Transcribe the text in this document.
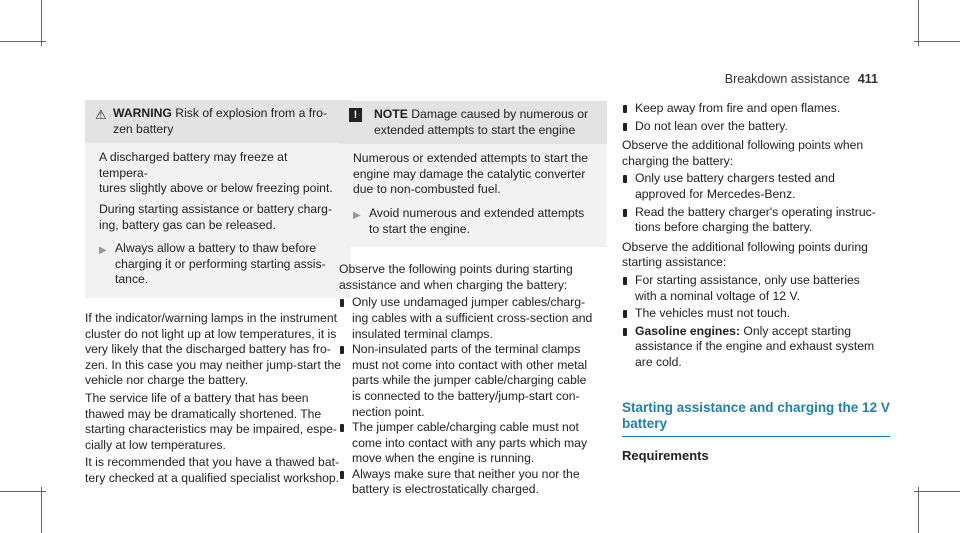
Breakdown assistance 411
⚠ WARNING Risk of explosion from a fro-
zen battery

A discharged battery may freeze at tempera-
tures slightly above or below freezing point.

During starting assistance or battery charg-
ing, battery gas can be released.

▶ Always allow a battery to thaw before
charging it or performing starting assis-
tance.

If the indicator/warning lamps in the instrument
cluster do not light up at low temperatures, it is
very likely that the discharged battery has fro-
zen. In this case you may neither jump-start the
vehicle nor charge the battery.

The service life of a battery that has been
thawed may be dramatically shortened. The
starting characteristics may be impaired, espe-
cially at low temperatures.

It is recommended that you have a thawed bat-
tery checked at a qualified specialist workshop.

!	NOTE Damage caused by numerous or
extended attempts to start the engine

Numerous or extended attempts to start the
engine may damage the catalytic converter
due to non-combusted fuel.

▶ Avoid numerous and extended attempts
to start the engine.

Observe the following points during starting
assistance and when charging the battery:

Only use undamaged jumper cables/charg-
ing cables with a sufficient cross-section and
insulated terminal clamps.
Non-insulated parts of the terminal clamps
must not come into contact with other metal
parts while the jumper cable/charging cable
is connected to the battery/jump-start con-
nection point.
The jumper cable/charging cable must not
come into contact with any parts which may
move when the engine is running.
Always make sure that neither you nor the
battery is electrostatically charged.
Keep away from fire and open flames.
Do not lean over the battery.

Observe the additional following points when
charging the battery:

Only use battery chargers tested and
approved for Mercedes-Benz.
Read the battery charger's operating instruc-
tions before charging the battery.

Observe the additional following points during
starting assistance:

For starting assistance, only use batteries
with a nominal voltage of 12 V.
The vehicles must not touch.
Gasoline engines: Only accept starting
assistance if the engine and exhaust system
are cold.
Starting assistance and charging the 12 V
battery
Requirements
